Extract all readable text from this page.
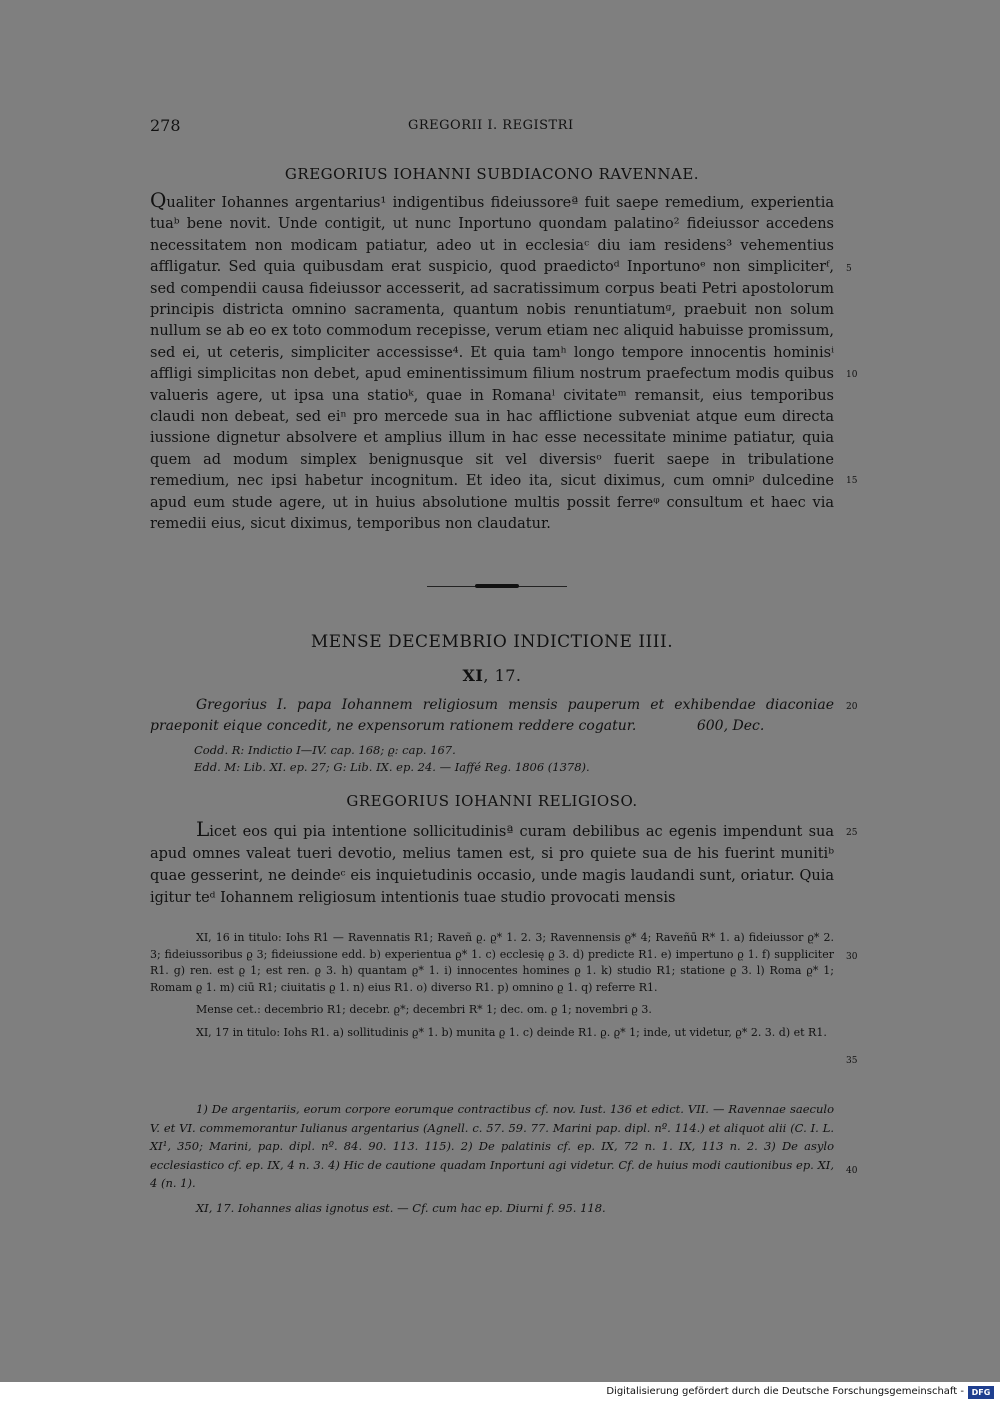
278	GREGORII I. REGISTRI
GREGORIUS IOHANNI SUBDIACONO RAVENNAE.

Qualiter Iohannes argentarius¹ indigentibus fideiussoreª fuit saepe remedium, experientia tuaᵇ bene novit. Unde contigit, ut nunc Inportuno quondam palatino² fideiussor accedens necessitatem non modicam patiatur, adeo ut in ecclesiaᶜ diu iam residens³ vehementius affligatur. Sed quia quibusdam erat suspicio, quod praedictoᵈ Inportunoᵉ non simpliciterᶠ, sed compendii causa fideiussor accesserit, ad sacratissimum corpus beati Petri apostolorum principis districta omnino sacramenta, quantum nobis renuntiatumᵍ, praebuit non solum nullum se ab eo ex toto commodum recepisse, verum etiam nec aliquid habuisse promissum, sed ei, ut ceteris, simpliciter accessisse⁴. Et quia tamʰ longo tempore innocentis hominisⁱ affligi simplicitas non debet, apud eminentissimum filium nostrum praefectum modis quibus valueris agere, ut ipsa una statioᵏ, quae in Romanaˡ civitateᵐ remansit, eius temporibus claudi non debeat, sed eiⁿ pro mercede sua in hac afflictione subveniat atque eum directa iussione dignetur absolvere et amplius illum in hac esse necessitate minime patiatur, quia quem ad modum simplex benignusque sit vel diversisᵒ fuerit saepe in tribulatione remedium, nec ipsi habetur incognitum. Et ideo ita, sicut diximus, cum omniᵖ dulcedine apud eum stude agere, ut in huius absolutione multis possit ferreᵠ consultum et haec via remedii eius, sicut diximus, temporibus non claudatur.

5
10
15
20
25
30
35
40
MENSE DECEMBRIO INDICTIONE IIII.
XI, 17.

Gregorius I. papa Iohannem religiosum mensis pauperum et exhibendae diaconiae praeponit eique concedit, ne expensorum rationem reddere cogatur.	600, Dec.

Codd. R: Indictio I—IV. cap. 168; ϱ: cap. 167.
Edd. M: Lib. XI. ep. 27; G: Lib. IX. ep. 24. — Iaffé Reg. 1806 (1378).
GREGORIUS IOHANNI RELIGIOSO.

Licet eos qui pia intentione sollicitudinisª curam debilibus ac egenis impendunt sua apud omnes valeat tueri devotio, melius tamen est, si pro quiete sua de his fuerint munitiᵇ quae gesserint, ne deindeᶜ eis inquietudinis occasio, unde magis laudandi sunt, oriatur. Quia igitur teᵈ Iohannem religiosum intentionis tuae studio provocati mensis

XI, 16 in titulo: Iohs R1 — Ravennatis R1; Raveñ ϱ. ϱ* 1. 2. 3; Ravennensis ϱ* 4; Raveñū R* 1. a) fideiussor ϱ* 2. 3; fideiussoribus ϱ 3; fideiussione edd. b) experientua ϱ* 1. c) ecclesię ϱ 3. d) predicte R1. e) impertuno ϱ 1. f) suppliciter R1. g) ren. est ϱ 1; est ren. ϱ 3. h) quantam ϱ* 1. i) innocentes homines ϱ 1. k) studio R1; statione ϱ 3. l) Roma ϱ* 1; Romam ϱ 1. m) ciū R1; ciuitatis ϱ 1. n) eius R1. o) diverso R1. p) omnino ϱ 1. q) referre R1.

Mense cet.: decembrio R1; decebr. ϱ*; decembri R* 1; dec. om. ϱ 1; novembri ϱ 3.

XI, 17 in titulo: Iohs R1. a) sollitudinis ϱ* 1. b) munita ϱ 1. c) deinde R1. ϱ. ϱ* 1; inde, ut videtur, ϱ* 2. 3. d) et R1.

1) De argentariis, eorum corpore eorumque contractibus cf. nov. Iust. 136 et edict. VII. — Ravennae saeculo V. et VI. commemorantur Iulianus argentarius (Agnell. c. 57. 59. 77. Marini pap. dipl. nº. 114.) et aliquot alii (C. I. L. XI¹, 350; Marini, pap. dipl. nº. 84. 90. 113. 115). 2) De palatinis cf. ep. IX, 72 n. 1. IX, 113 n. 2. 3) De asylo ecclesiastico cf. ep. IX, 4 n. 3. 4) Hic de cautione quadam Inportuni agi videtur. Cf. de huius modi cautionibus ep. XI, 4 (n. 1).

XI, 17. Iohannes alias ignotus est. — Cf. cum hac ep. Diurni f. 95. 118.

Digitalisierung gefördert durch die Deutsche Forschungsgemeinschaft - DFG
